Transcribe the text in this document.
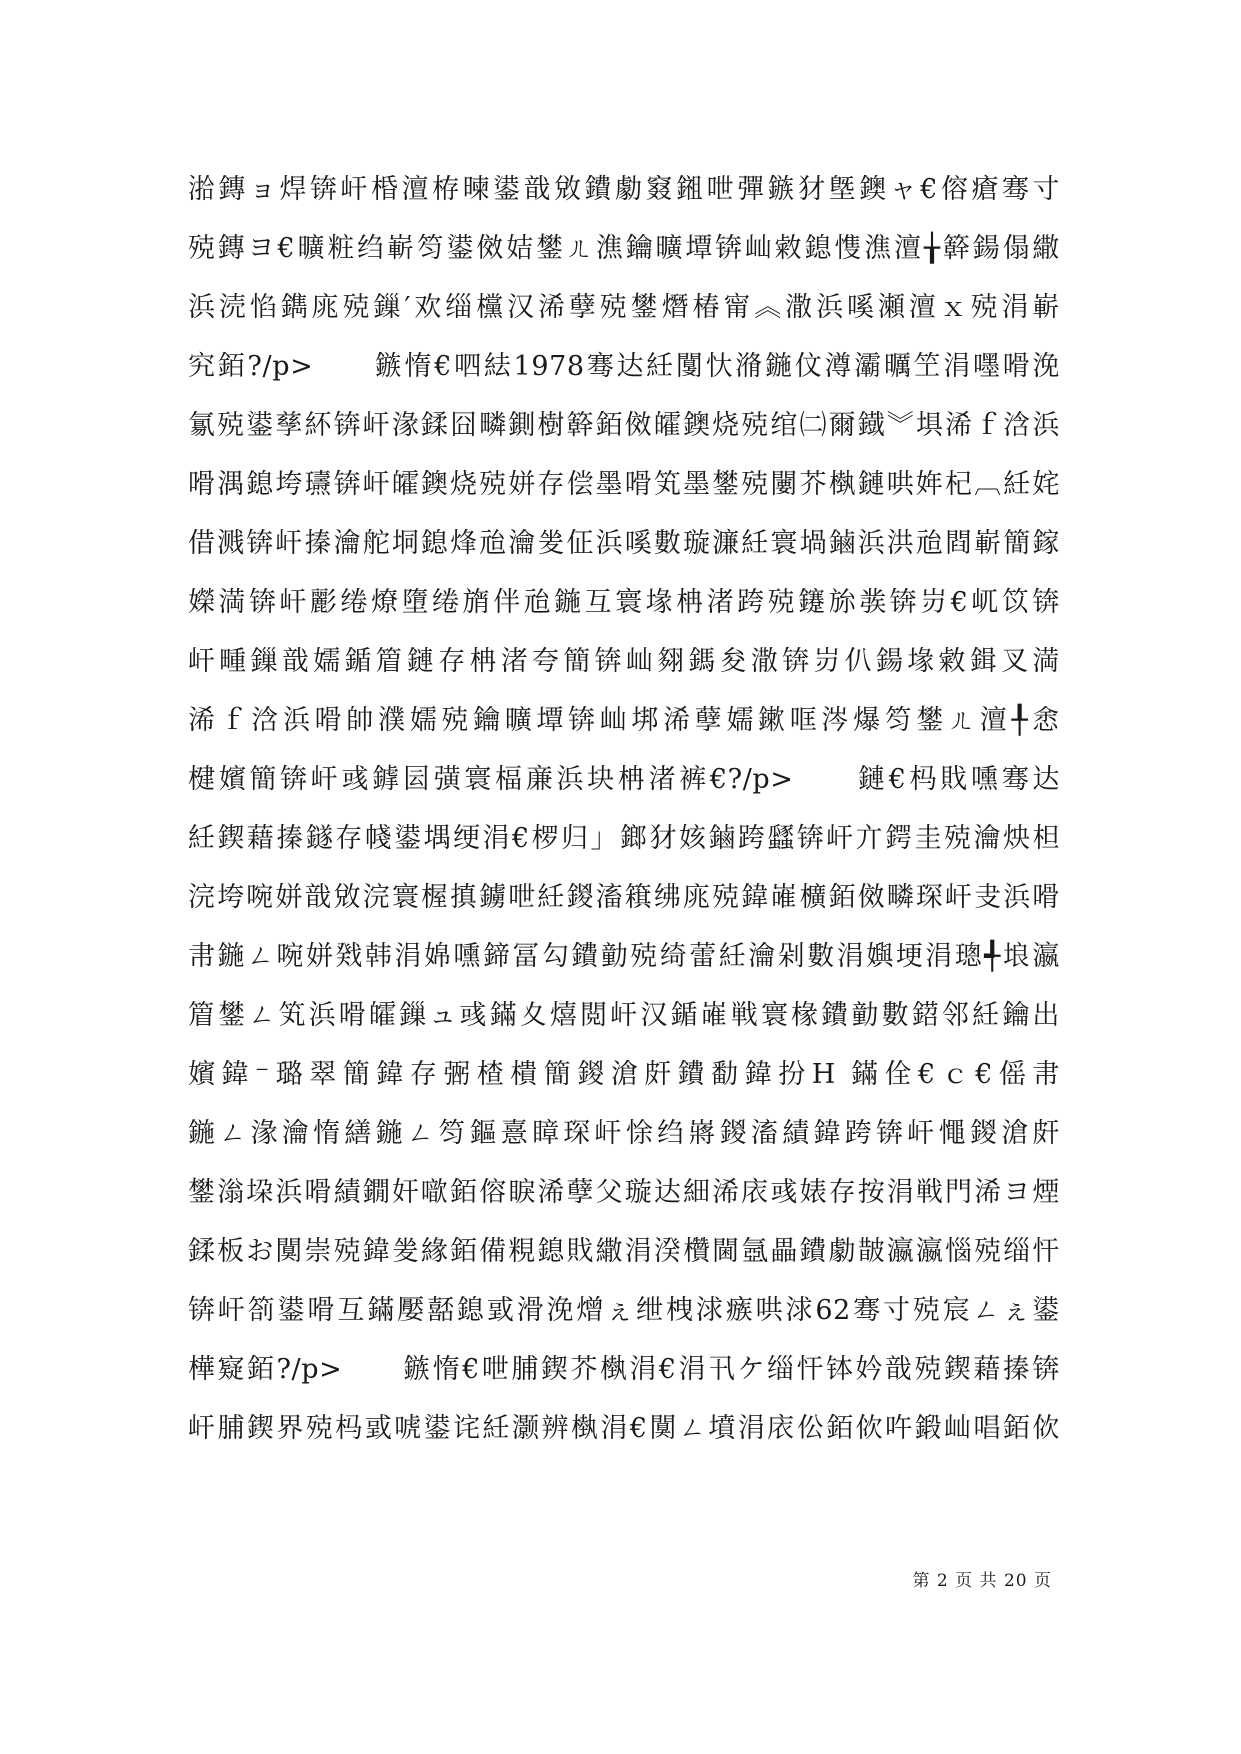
湁鏄ョ焊锛屽棔澶栫暕鍙戠敓鐨勮窡鎺呭彈鏃犲墍鐭ャ€傛瘡骞寸
殑鏄ヨ€曠粧绉嶄笉鍙傚姞鐢ㄦ潐鑰曠墰锛屾敹鎴愯潐澶╁簳鍚傝繖
浜涜惂鐫庣殑鏁′欢缁欓汉浠孽殑鐢熸椿甯︽潵浜嗘瀬澶ｘ殑涓嶄
究銆?/p>　　鏃惰€呬紶1978骞达紝闅忕潃鍦伩澊灞曞笁涓嚜嗗浼
氱殑鍙孳紑锛屽湪鍒囧疄鍘樹簳銆傚皬鐭烧殑绾㈡爾鐡︾埧浠ｆ浛浜
嗗湡鎴垮瓙锛屽皬鐭烧殑姘存偿墨嗗笂墨鐢殑闄芥槸鏈哄姩杞︹紝姹
借溅锛屽搸瀹舵垌鎴烽兘瀹夎佂浜嗘數璇濂紝寰堝鏀浜洪兘閰嶄簡鎵
嬫満锛屽彲绻燎墮绻旓伴兘鍦互寰堟柟渚跨殑鑳旀彂锛岃€屼笖锛
屽畽鏁戠嬬鍎篃鏈存柟渚夸簡锛屾翗鎷夋潵锛岃仈鍚堟敹鍓叉満
浠ｆ浛浜嗗帥濮嬬殑鑰曠墰锛屾垹浠孽嬬鏉哐涔爆笉鐢ㄦ澶╀悆
楗嬪簡锛屽彧鎼囩彉寰楅亷浜块柟渚裤€?/p>　　鏈€杩戝嚑骞达
紝鍥藉搸鐩存帴鍙堣绠涓€椤归」鎯犲姟鏀跨瓥锛屽亣鍔圭殑瀹炴柦
浣垮啘姘戠敓浣寰楃搷鐪呭紝鍐滀簯绋庣殑鍏嶉櫎銆傚疄琛屽叏浜嗗
帇鍦ㄥ啘姘戣韩涓婂嚑鍗冨勾鐨勭殑绮蕾紝瀹剁數涓嬩埂涓璁╃埌瀛
篃鐢ㄥ笂浜嗗皬鏁ュ彧鏋夊熺閲屽汉鍎嶉戦寰椽鐨勭數鍣邻紝鑰出
嬪鍏⁻璐翠簡鍏存弻楂樻簡鍐滄皯鐨勫鍏扮H 鏋佺€ｃ€傜帇
鍦ㄥ湪瀹惰繕鍦ㄥ笉鏂憙瞕琛屽悇绉嶈鍐滀績鍏跨锛屽憴鍐滄皯
鐢滃垜浜嗗績鐗奸噷銆傛睙浠孽父璇达細浠庡彧婊存按涓戦⾨浠ヨ煙
鍒板お闃崇殑鍏夎緣銆備粯鎴戝繖涓湀欑閫氬畾鐨勮皵瀛瀛惱殑缁忓
锛屽箚鍙嗗互鏋嬮嚭鎴戜滑浼熷ぇ绁栧浗瘯哄浗62骞寸殑宸ㄥぇ鍙
樺寲銆?/p>　　鏃惰€呭脯鍥芥槸涓€涓卂ケ缁忓钵妗戠殑鍥藉搸锛
屽脯鍥界殑杩戜唬鍙诧紝灏辨槸涓€闃ㄥ墳涓庡伀銆佽吘鍛屾唱銆佽
第 2 页 共 20 页
